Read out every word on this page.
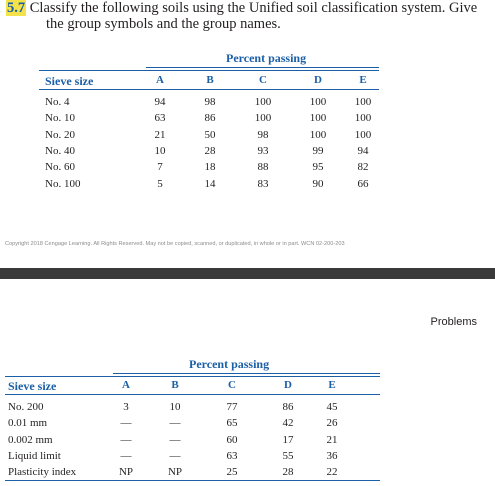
5.7 Classify the following soils using the Unified soil classification system. Give
the group symbols and the group names.
Percent passing
Sieve size	A	B	C	D	E
No. 4	94	98	100	100	100
No. 10	63	86	100	100	100
No. 20	21	50	98	100	100
No. 40	10	28	93	99	94
No. 60	7	18	88	95	82
No. 100	5	14	83	90	66
Copyright 2018 Cengage Learning. All Rights Reserved. May not be copied, scanned, or duplicated, in whole or in part. WCN 02-200-203
Problems
Percent passing
Sieve size	A	B	C	D	E
No. 200	3	10	77	86	45
0.01 mm	—	—	65	42	26
0.002 mm	—	—	60	17	21
Liquid limit	—	—	63	55	36
Plasticity index	NP	NP	25	28	22
